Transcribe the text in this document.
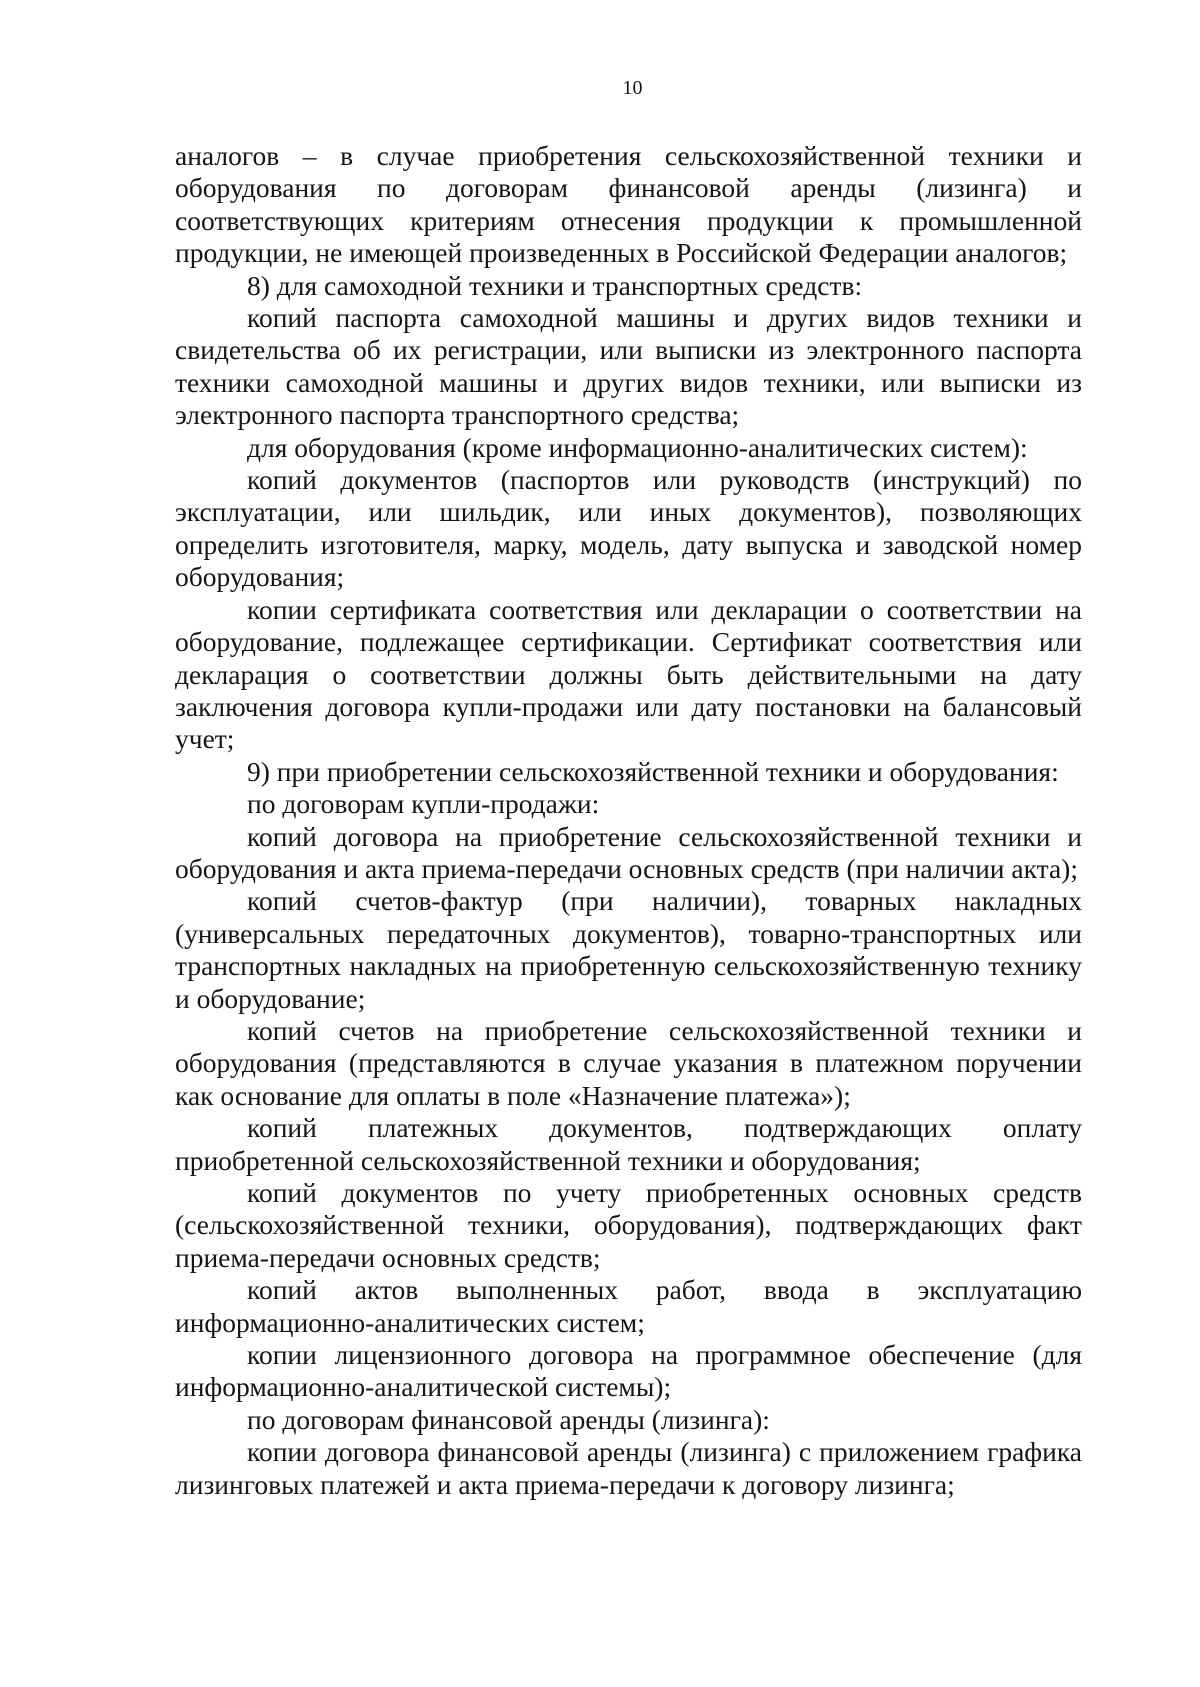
10

аналогов – в случае приобретения сельскохозяйственной техники и оборудования по договорам финансовой аренды (лизинга) и соответствующих критериям отнесения продукции к промышленной продукции, не имеющей произведенных в Российской Федерации аналогов;

8) для самоходной техники и транспортных средств:

копий паспорта самоходной машины и других видов техники и свидетельства об их регистрации, или выписки из электронного паспорта техники самоходной машины и других видов техники, или выписки из электронного паспорта транспортного средства;

для оборудования (кроме информационно-аналитических систем):

копий документов (паспортов или руководств (инструкций) по эксплуатации, или шильдик, или иных документов), позволяющих определить изготовителя, марку, модель, дату выпуска и заводской номер оборудования;

копии сертификата соответствия или декларации о соответствии на оборудование, подлежащее сертификации. Сертификат соответствия или декларация о соответствии должны быть действительными на дату заключения договора купли-продажи или дату постановки на балансовый учет;

9) при приобретении сельскохозяйственной техники и оборудования:

по договорам купли-продажи:

копий договора на приобретение сельскохозяйственной техники и оборудования и акта приема-передачи основных средств (при наличии акта);

копий счетов-фактур (при наличии), товарных накладных (универсальных передаточных документов), товарно-транспортных или транспортных накладных на приобретенную сельскохозяйственную технику и оборудование;

копий счетов на приобретение сельскохозяйственной техники и оборудования (представляются в случае указания в платежном поручении как основание для оплаты в поле «Назначение платежа»);

копий платежных документов, подтверждающих оплату приобретенной сельскохозяйственной техники и оборудования;

копий документов по учету приобретенных основных средств (сельскохозяйственной техники, оборудования), подтверждающих факт приема-передачи основных средств;

копий актов выполненных работ, ввода в эксплуатацию информационно-аналитических систем;

копии лицензионного договора на программное обеспечение (для информационно-аналитической системы);

по договорам финансовой аренды (лизинга):

копии договора финансовой аренды (лизинга) с приложением графика лизинговых платежей и акта приема-передачи к договору лизинга;
